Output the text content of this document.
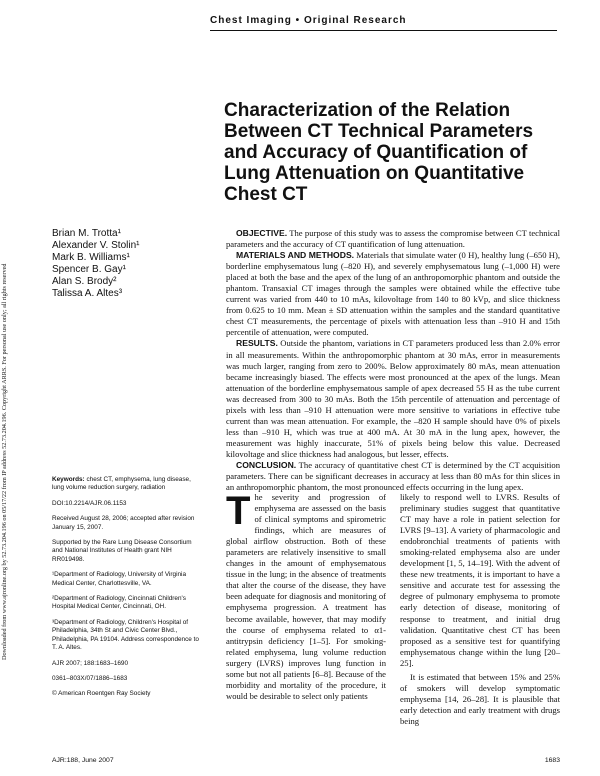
Chest Imaging • Original Research
Downloaded from www.ajronline.org by 52.73.204.196 on 05/17/22 from IP address 52.73.204.196. Copyright ARRS. For personal use only; all rights reserved
Characterization of the Relation Between CT Technical Parameters and Accuracy of Quantification of Lung Attenuation on Quantitative Chest CT
Brian M. Trotta¹
Alexander V. Stolin¹
Mark B. Williams¹
Spencer B. Gay¹
Alan S. Brody²
Talissa A. Altes³

OBJECTIVE. The purpose of this study was to assess the compromise between CT technical parameters and the accuracy of CT quantification of lung attenuation.

MATERIALS AND METHODS. Materials that simulate water (0 H), healthy lung (–650 H), borderline emphysematous lung (–820 H), and severely emphysematous lung (–1,000 H) were placed at both the base and the apex of the lung of an anthropomorphic phantom and outside the phantom. Transaxial CT images through the samples were obtained while the effective tube current was varied from 440 to 10 mAs, kilovoltage from 140 to 80 kVp, and slice thickness from 0.625 to 10 mm. Mean ± SD attenuation within the samples and the standard quantitative chest CT measurements, the percentage of pixels with attenuation less than –910 H and 15th percentile of attenuation, were computed.

RESULTS. Outside the phantom, variations in CT parameters produced less than 2.0% error in all measurements. Within the anthropomorphic phantom at 30 mAs, error in measurements was much larger, ranging from zero to 200%. Below approximately 80 mAs, mean attenuation became increasingly biased. The effects were most pronounced at the apex of the lungs. Mean attenuation of the borderline emphysematous sample of apex decreased 55 H as the tube current was decreased from 300 to 30 mAs. Both the 15th percentile of attenuation and percentage of pixels with less than –910 H attenuation were more sensitive to variations in effective tube current than was mean attenuation. For example, the –820 H sample should have 0% of pixels less than –910 H, which was true at 400 mA. At 30 mA in the lung apex, however, the measurement was highly inaccurate, 51% of pixels being below this value. Decreased kilovoltage and slice thickness had analogous, but lesser, effects.

CONCLUSION. The accuracy of quantitative chest CT is determined by the CT acquisition parameters. There can be significant decreases in accuracy at less than 80 mAs for thin slices in an anthropomorphic phantom, the most pronounced effects occurring in the lung apex.

Keywords: chest CT, emphysema, lung disease, lung volume reduction surgery, radiation

DOI:10.2214/AJR.06.1153

Received August 28, 2006; accepted after revision January 15, 2007.

Supported by the Rare Lung Disease Consortium and National Institutes of Health grant NIH RR019498.

¹Department of Radiology, University of Virginia Medical Center, Charlottesville, VA.

²Department of Radiology, Cincinnati Children's Hospital Medical Center, Cincinnati, OH.

³Department of Radiology, Children's Hospital of Philadelphia, 34th St and Civic Center Blvd., Philadelphia, PA 19104. Address correspondence to T. A. Altes.

AJR 2007; 188:1683–1690

0361–803X/07/1886–1683

© American Roentgen Ray Society

The severity and progression of emphysema are assessed on the basis of clinical symptoms and spirometric findings, which are measures of global airflow obstruction. Both of these parameters are relatively insensitive to small changes in the amount of emphysematous tissue in the lung; in the absence of treatments that alter the course of the disease, they have been adequate for diagnosis and monitoring of emphysema progression. A treatment has become available, however, that may modify the course of emphysema related to α1-antitrypsin deficiency [1–5]. For smoking-related emphysema, lung volume reduction surgery (LVRS) improves lung function in some but not all patients [6–8]. Because of the morbidity and mortality of the procedure, it would be desirable to select only patients

likely to respond well to LVRS. Results of preliminary studies suggest that quantitative CT may have a role in patient selection for LVRS [9–13]. A variety of pharmacologic and endobronchial treatments of patients with smoking-related emphysema also are under development [1, 5, 14–19]. With the advent of these new treatments, it is important to have a sensitive and accurate test for assessing the degree of pulmonary emphysema to promote early detection of disease, monitoring of response to treatment, and initial drug validation. Quantitative chest CT has been proposed as a sensitive test for quantifying emphysematous change within the lung [20–25].

It is estimated that between 15% and 25% of smokers will develop symptomatic emphysema [14, 26–28]. It is plausible that early detection and early treatment with drugs being

AJR:188, June 2007	1683
